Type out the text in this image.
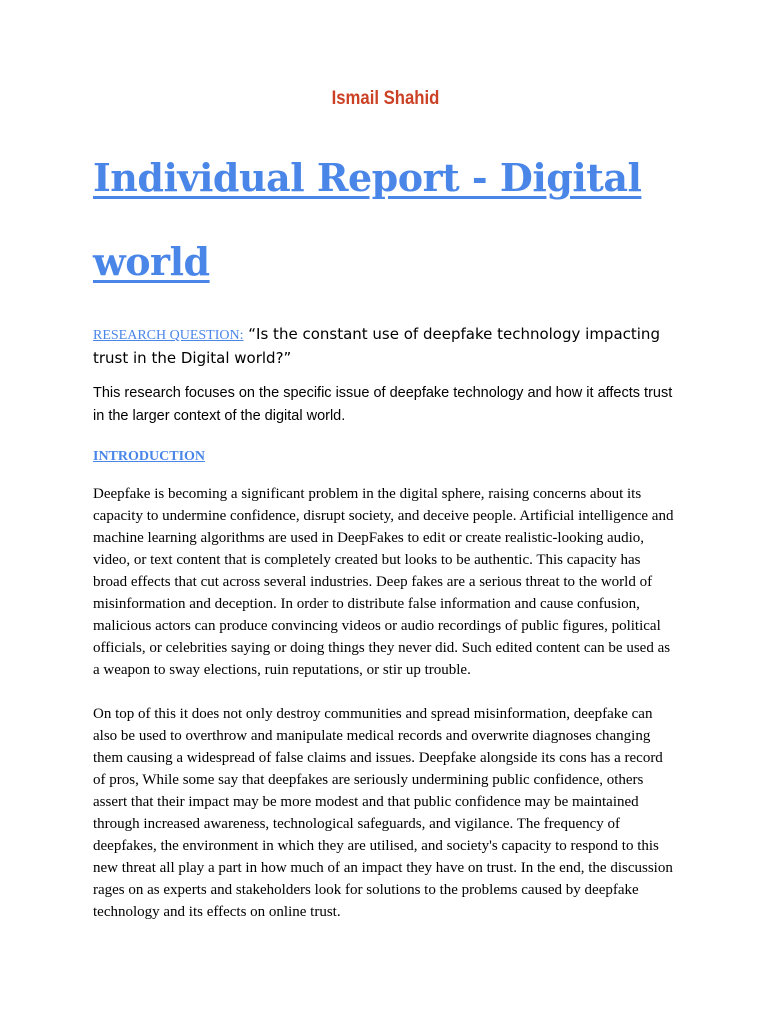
Ismail Shahid
Individual Report - Digital world
RESEARCH QUESTION: “Is the constant use of deepfake technology impacting trust in the Digital world?”
This research focuses on the specific issue of deepfake technology and how it affects trust in the larger context of the digital world.
INTRODUCTION

Deepfake is becoming a significant problem in the digital sphere, raising concerns about its capacity to undermine confidence, disrupt society, and deceive people. Artificial intelligence and machine learning algorithms are used in DeepFakes to edit or create realistic-looking audio, video, or text content that is completely created but looks to be authentic. This capacity has broad effects that cut across several industries. Deep fakes are a serious threat to the world of misinformation and deception. In order to distribute false information and cause confusion, malicious actors can produce convincing videos or audio recordings of public figures, political officials, or celebrities saying or doing things they never did. Such edited content can be used as a weapon to sway elections, ruin reputations, or stir up trouble.

On top of this it does not only destroy communities and spread misinformation, deepfake can also be used to overthrow and manipulate medical records and overwrite diagnoses changing them causing a widespread of false claims and issues. Deepfake alongside its cons has a record of pros, While some say that deepfakes are seriously undermining public confidence, others assert that their impact may be more modest and that public confidence may be maintained through increased awareness, technological safeguards, and vigilance. The frequency of deepfakes, the environment in which they are utilised, and society's capacity to respond to this new threat all play a part in how much of an impact they have on trust. In the end, the discussion rages on as experts and stakeholders look for solutions to the problems caused by deepfake technology and its effects on online trust.
